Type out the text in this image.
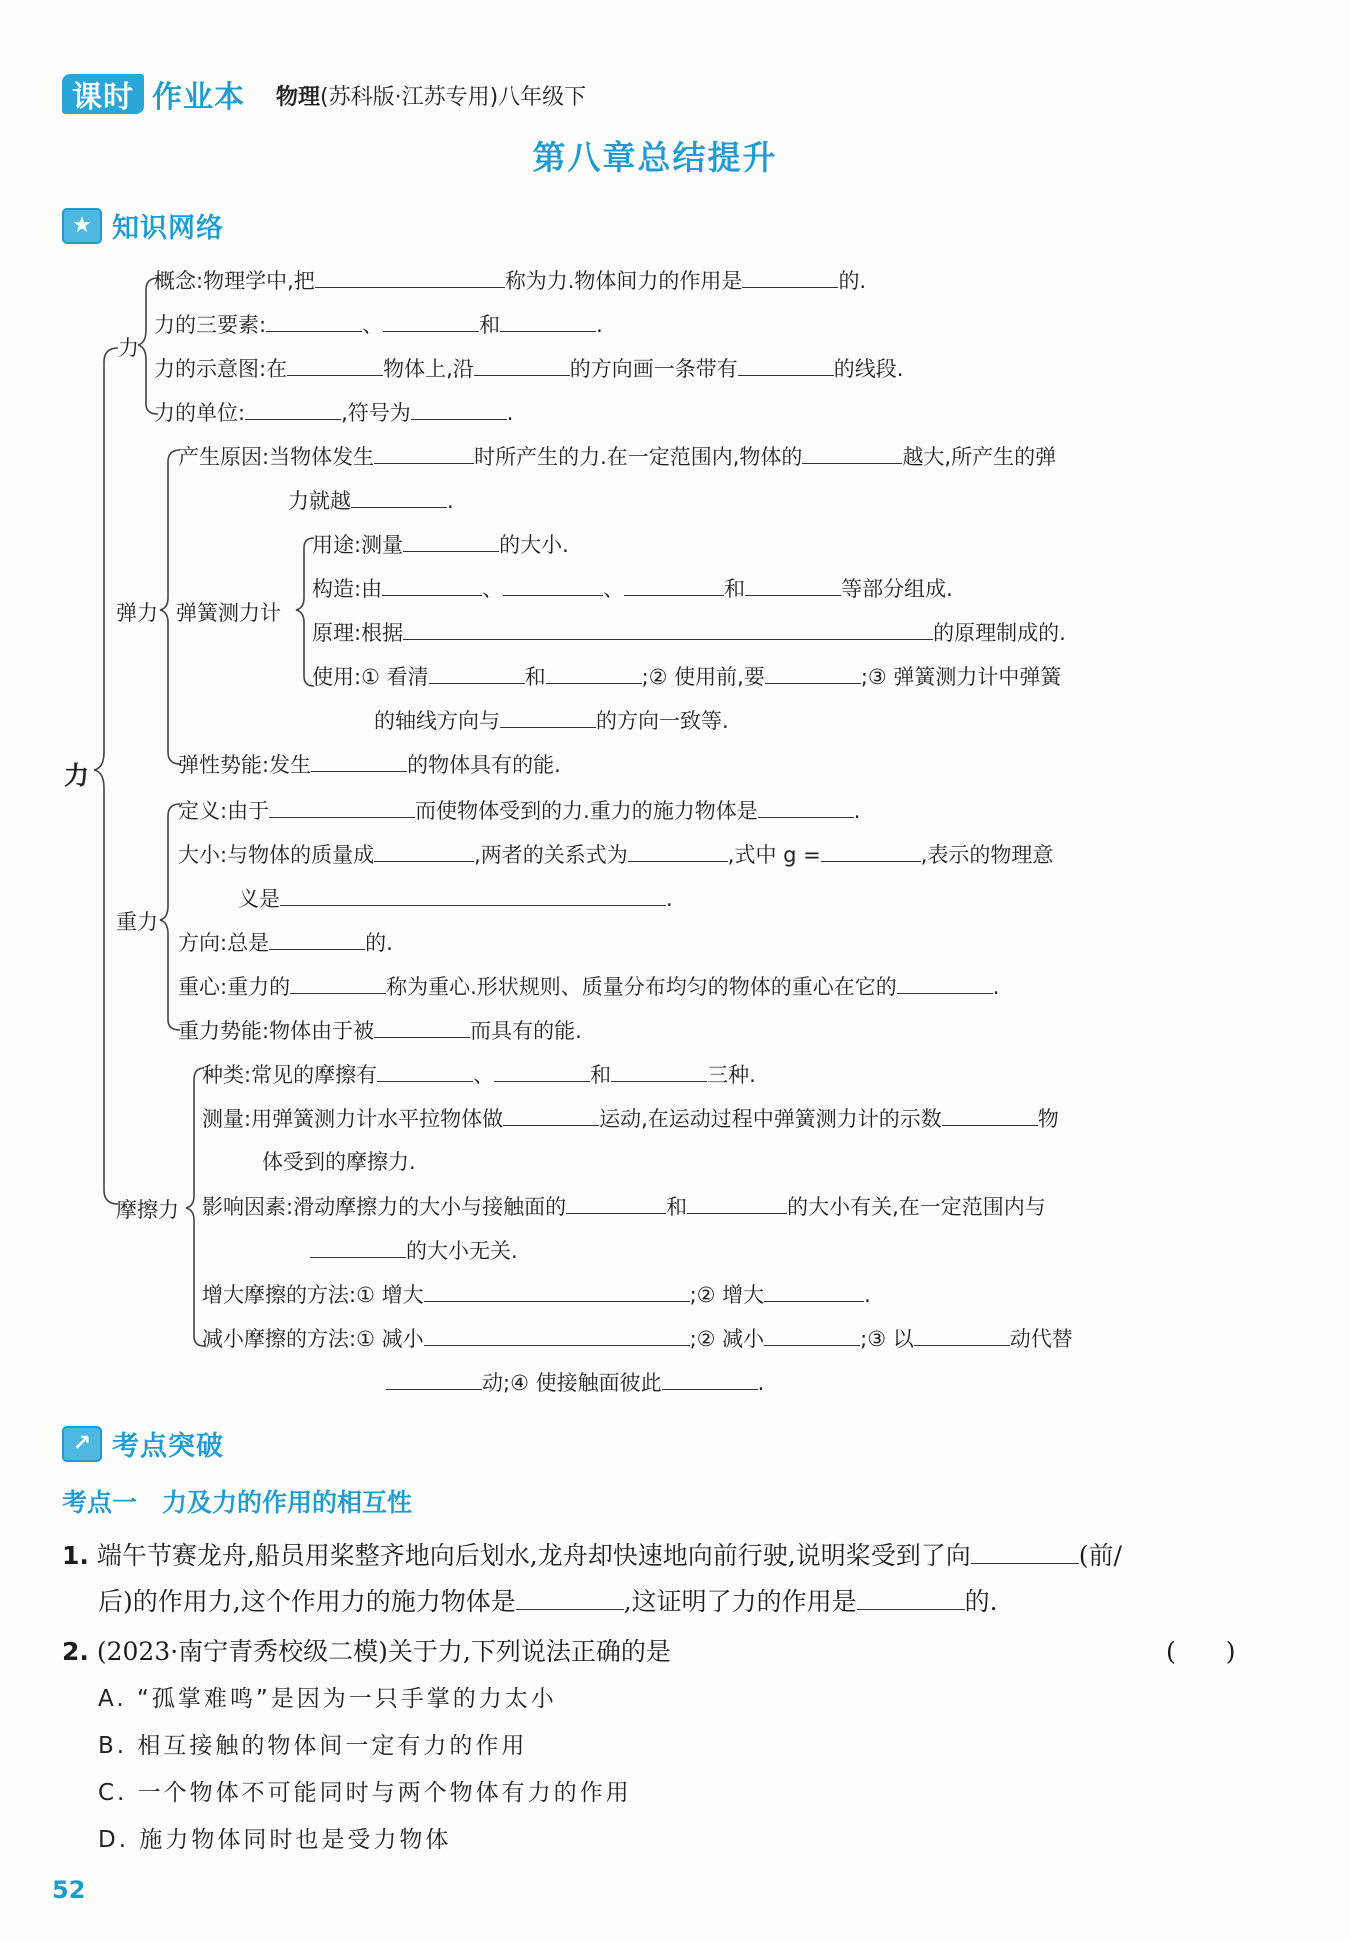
课时 作业本 物理(苏科版·江苏专用)八年级下
第八章总结提升
★ 知识网络
力
力
弹力 弹簧测力计
重力
摩擦力
概念:物理学中,把	称为力.物体间力的作用是	的.
力的三要素:	、	和	.
力的示意图:在	物体上,沿	的方向画一条带有	的线段.
力的单位:	,符号为	.
产生原因:当物体发生	时所产生的力.在一定范围内,物体的	越大,所产生的弹
力就越	.
用途:测量	的大小.
构造:由	、	、	和	等部分组成.
原理:根据	的原理制成的.
使用:① 看清	和	;② 使用前,要	;③ 弹簧测力计中弹簧
的轴线方向与	的方向一致等.
弹性势能:发生	的物体具有的能.
定义:由于	而使物体受到的力.重力的施力物体是	.
大小:与物体的质量成	,两者的关系式为	,式中 g =	,表示的物理意
义是	.
方向:总是	的.
重心:重力的	称为重心.形状规则、质量分布均匀的物体的重心在它的	.
重力势能:物体由于被	而具有的能.
种类:常见的摩擦有	、	和	三种.
测量:用弹簧测力计水平拉物体做	运动,在运动过程中弹簧测力计的示数	物
体受到的摩擦力.
影响因素:滑动摩擦力的大小与接触面的	和	的大小有关,在一定范围内与
的大小无关.
增大摩擦的方法:① 增大	;② 增大	.
减小摩擦的方法:① 减小	;② 减小	;③ 以	动代替
动;④ 使接触面彼此	.
↗ 考点突破
考点一　力及力的作用的相互性
1. 端午节赛龙舟,船员用桨整齐地向后划水,龙舟却快速地向前行驶,说明桨受到了向	(前/
后)的作用力,这个作用力的施力物体是	,这证明了力的作用是	的.
2. (2023·南宁青秀校级二模)关于力,下列说法正确的是	(　　)
A. “孤掌难鸣”是因为一只手掌的力太小
B. 相互接触的物体间一定有力的作用
C. 一个物体不可能同时与两个物体有力的作用
D. 施力物体同时也是受力物体
52
